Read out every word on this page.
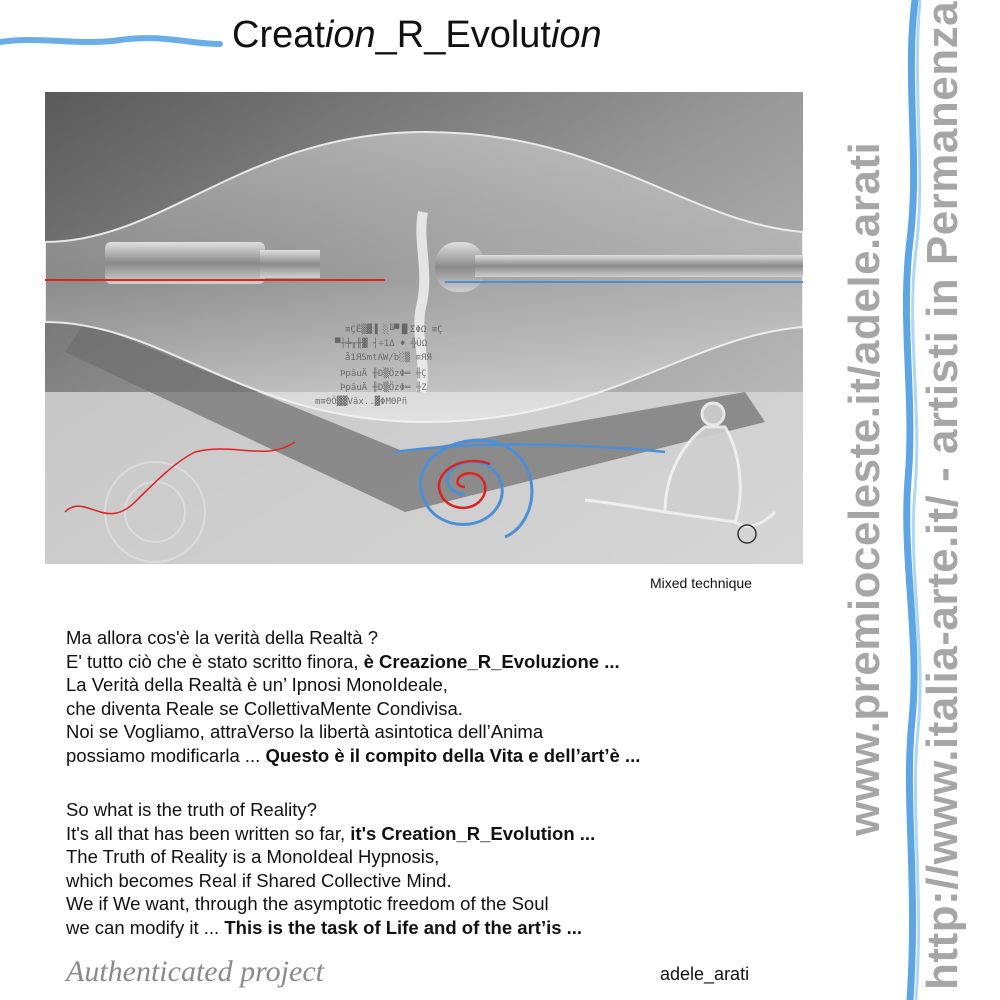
Creation_R_Evolution
≡ÇË▒▓▐ ░╚▀▐▌ΣΦΩ ≡Ç
▀┼╪╥╫▓ ┤÷1Δ ♦ ╬ÜΩ
å1ЯSmtAW/b░▒ ≡ЯЯ
ÞpâuÄ ╫D▒ÖzΦ═ ╫Ç
ÞpâuÄ ╫D▒ÖzΦ═ ╫Z
m≡ΘÖ▓▓Vâx..▓ΦMΘPñ
Mixed technique
Ma allora cos'è la verità della Realtà ?
E' tutto ciò che è stato scritto finora, è Creazione_R_Evoluzione ...
La Verità della Realtà è un’ Ipnosi MonoIdeale,
che diventa Reale se CollettivaMente Condivisa.
Noi se Vogliamo, attraVerso la libertà asintotica dell’Anima
possiamo modificarla ... Questo è il compito della Vita e dell’art’è ...
So what is the truth of Reality?
It's all that has been written so far, it's Creation_R_Evolution ...
The Truth of Reality is a MonoIdeal Hypnosis,
which becomes Real if Shared Collective Mind.
We if We want, through the asymptotic freedom of the Soul
we can modify it ... This is the task of Life and of the art’is ...
Authenticated project	adele_arati
www.premioceleste.it/adele.arati http://www.italia-arte.it/ - artisti in Permanenza
